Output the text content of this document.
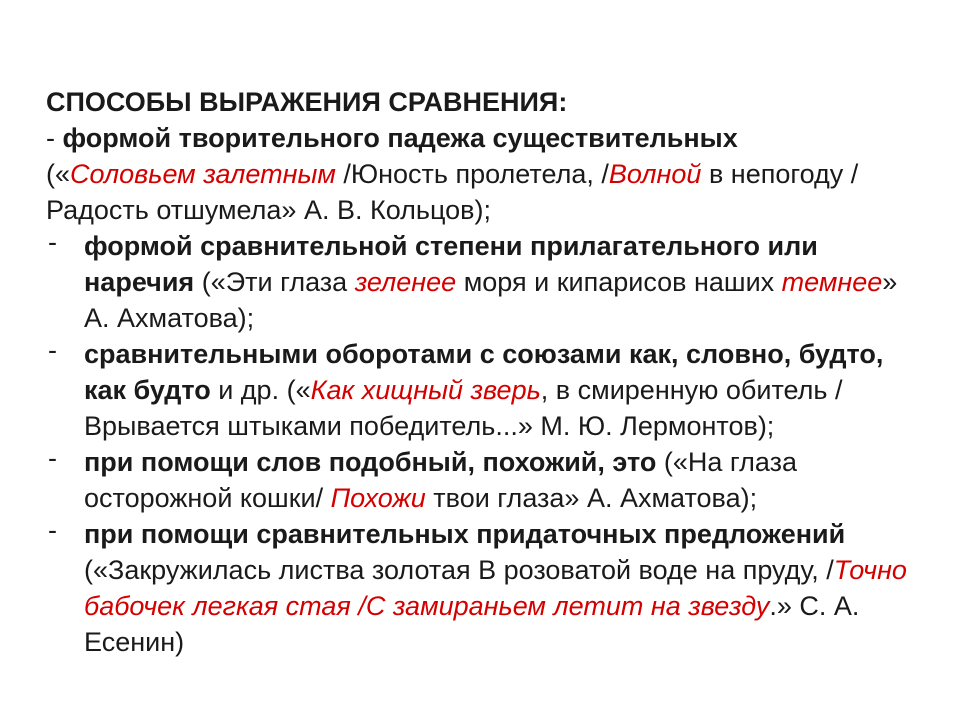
СПОСОБЫ ВЫРАЖЕНИЯ СРАВНЕНИЯ:

- формой творительного падежа существительных
(«Соловьем залетным /Юность пролетела, /Волной в непогоду /Радость отшумела» А. В. Кольцов);

- формой сравнительной степени прилагательного или наречия («Эти глаза зеленее моря и кипарисов наших темнее» А. Ахматова);
- сравнительными оборотами с союзами как, словно, будто, как будто и др. («Как хищный зверь, в смиренную обитель / Врывается штыками победитель...» М. Ю. Лермонтов);
- при помощи слов подобный, похожий, это («На глаза осторожной кошки/ Похожи твои глаза» А. Ахматова);
- при помощи сравнительных придаточных предложений («Закружилась листва золотая В розоватой воде на пруду, /Точно бабочек легкая стая /С замираньем летит на звезду.» С. А. Есенин)
